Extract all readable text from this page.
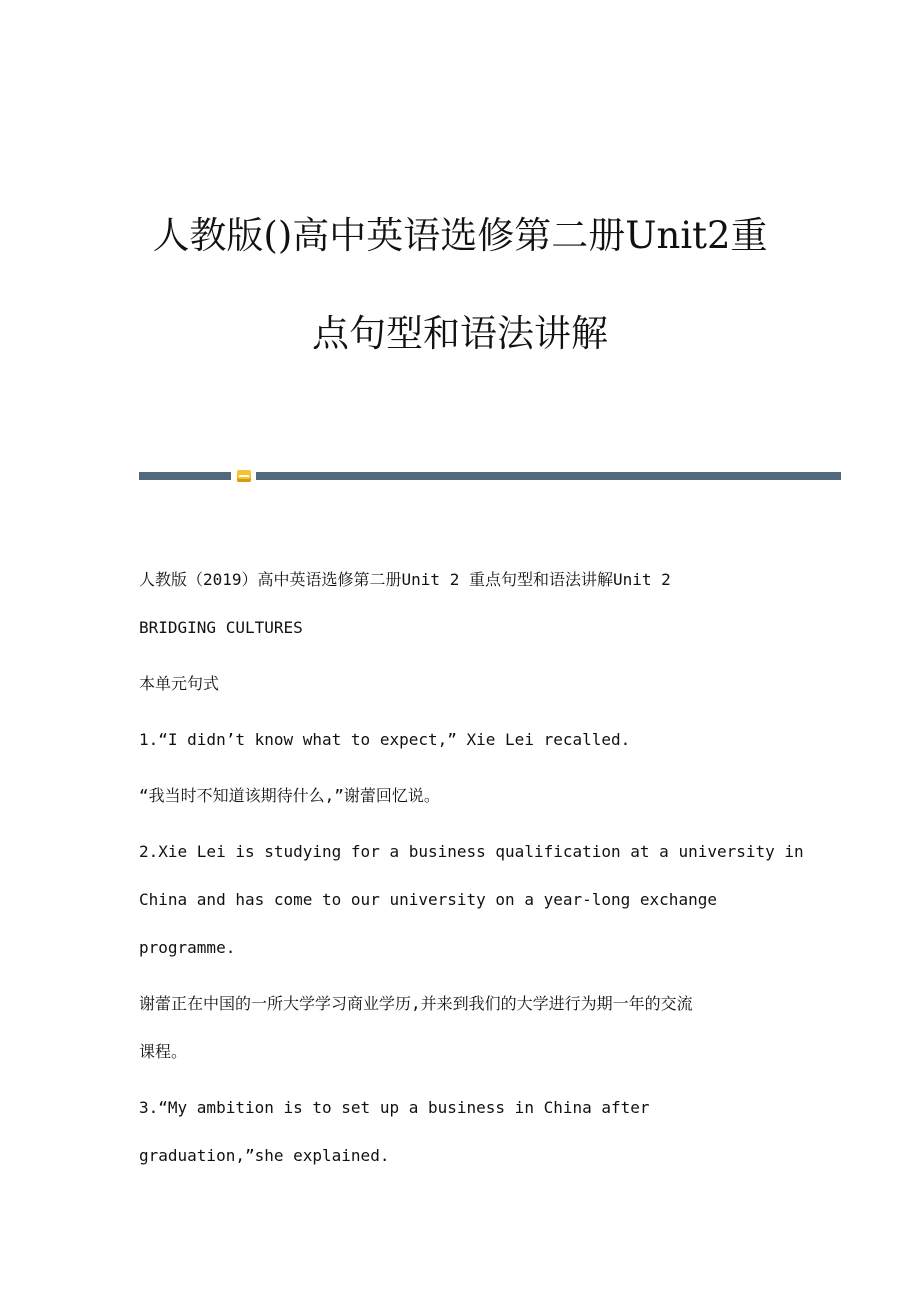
人教版()高中英语选修第二册Unit2重
点句型和语法讲解
人教版（2019）高中英语选修第二册Unit 2 重点句型和语法讲解Unit 2
BRIDGING CULTURES
本单元句式
1.“I didn’t know what to expect,” Xie Lei recalled.
“我当时不知道该期待什么,”谢蕾回忆说。
2.Xie Lei is studying for a business qualification at a university in
China and has come to our university on a year-long exchange
programme.
谢蕾正在中国的一所大学学习商业学历,并来到我们的大学进行为期一年的交流
课程。
3.“My ambition is to set up a business in China after
graduation,”she explained.
